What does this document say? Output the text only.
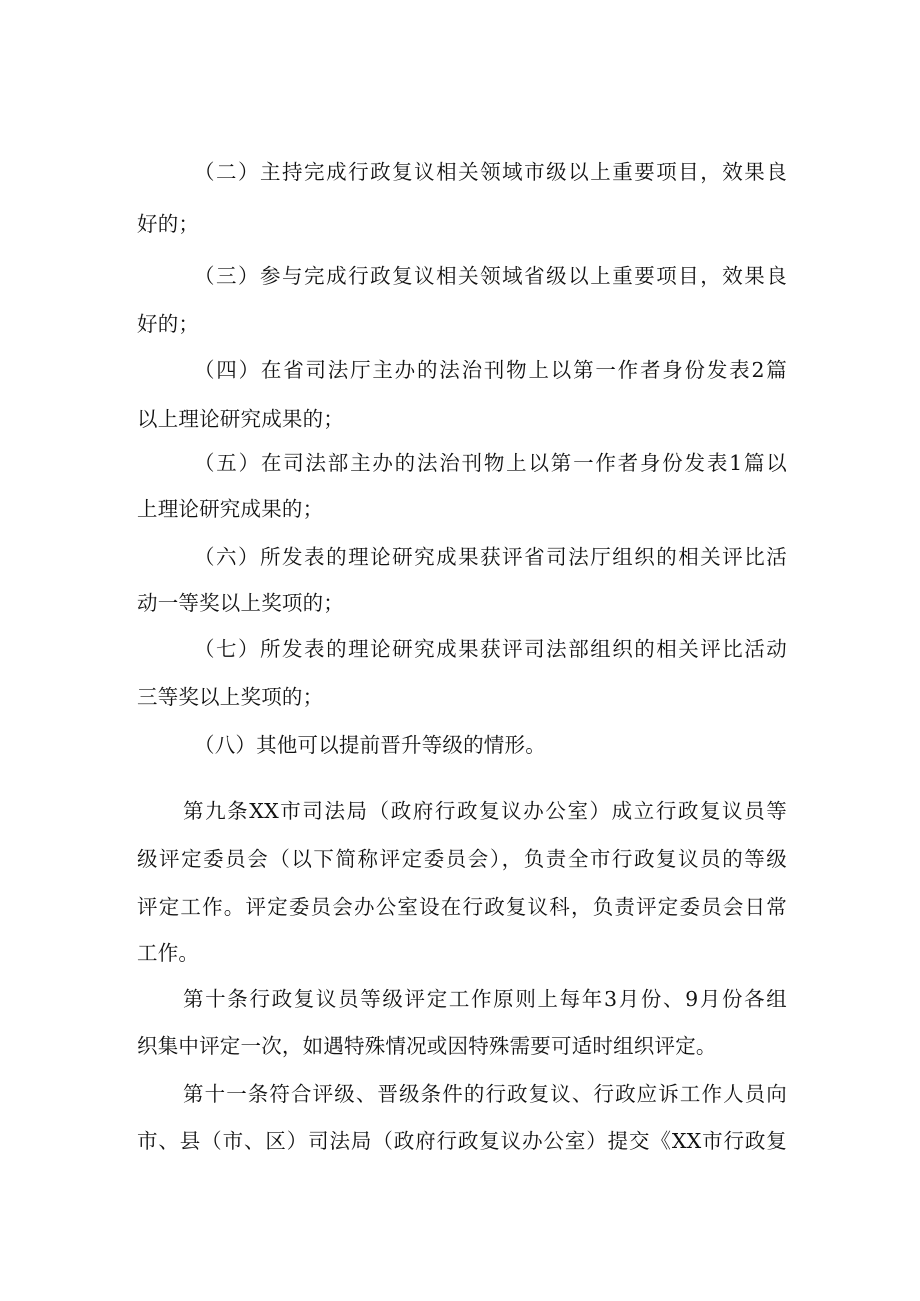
（二）主持完成行政复议相关领域市级以上重要项目，效果良
好的；
（三）参与完成行政复议相关领域省级以上重要项目，效果良
好的；
（四）在省司法厅主办的法治刊物上以第一作者身份发表2篇
以上理论研究成果的；
（五）在司法部主办的法治刊物上以第一作者身份发表1篇以
上理论研究成果的；
（六）所发表的理论研究成果获评省司法厅组织的相关评比活
动一等奖以上奖项的；
（七）所发表的理论研究成果获评司法部组织的相关评比活动
三等奖以上奖项的；
（八）其他可以提前晋升等级的情形。
第九条XX市司法局（政府行政复议办公室）成立行政复议员等
级评定委员会（以下简称评定委员会），负责全市行政复议员的等级
评定工作。评定委员会办公室设在行政复议科，负责评定委员会日常
工作。
第十条行政复议员等级评定工作原则上每年3月份、9月份各组
织集中评定一次，如遇特殊情况或因特殊需要可适时组织评定。
第十一条符合评级、晋级条件的行政复议、行政应诉工作人员向
市、县（市、区）司法局（政府行政复议办公室）提交《XX市行政复
